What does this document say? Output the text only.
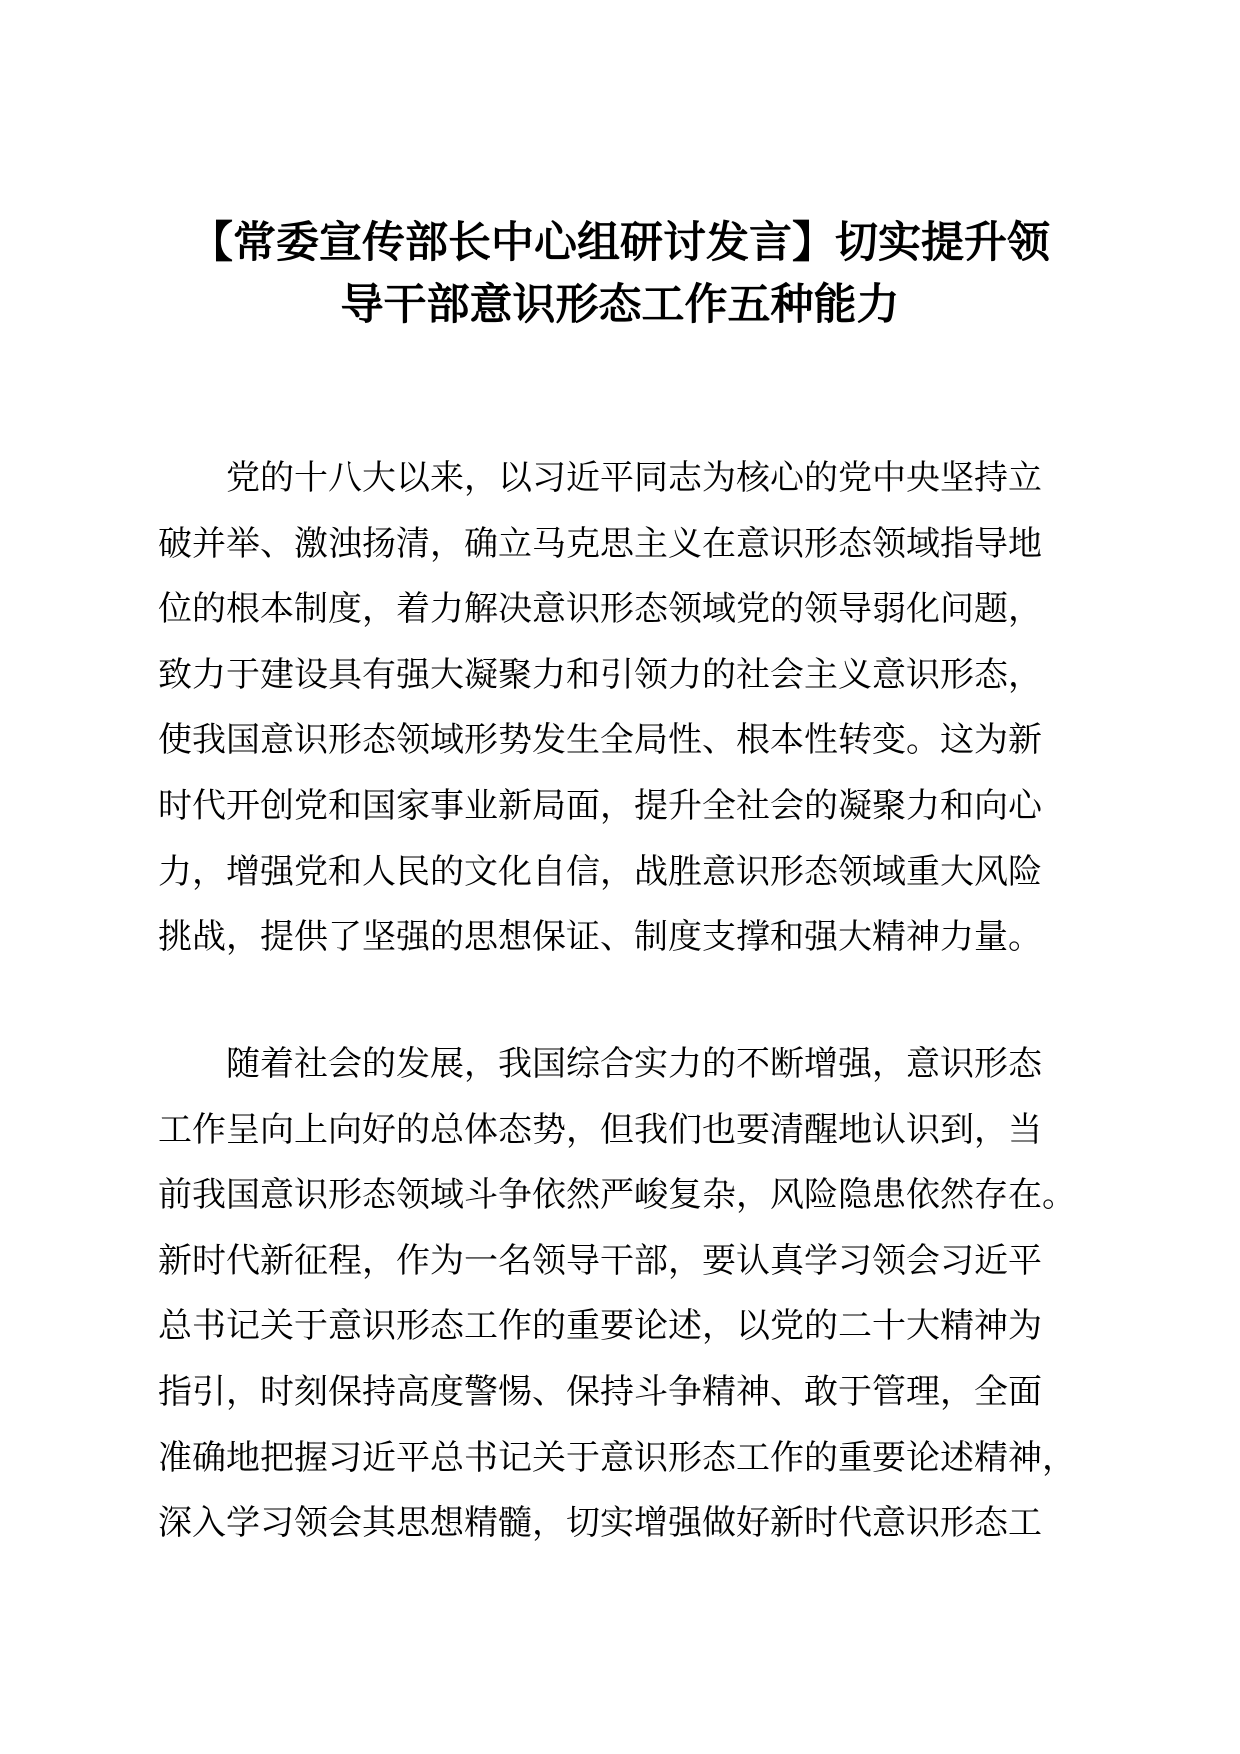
【常委宣传部长中心组研讨发言】切实提升领
导干部意识形态工作五种能力
党的十八大以来，以习近平同志为核心的党中央坚持立
破并举、激浊扬清，确立马克思主义在意识形态领域指导地
位的根本制度，着力解决意识形态领域党的领导弱化问题，
致力于建设具有强大凝聚力和引领力的社会主义意识形态，
使我国意识形态领域形势发生全局性、根本性转变。这为新
时代开创党和国家事业新局面，提升全社会的凝聚力和向心
力，增强党和人民的文化自信，战胜意识形态领域重大风险
挑战，提供了坚强的思想保证、制度支撑和强大精神力量。
随着社会的发展，我国综合实力的不断增强，意识形态
工作呈向上向好的总体态势，但我们也要清醒地认识到，当
前我国意识形态领域斗争依然严峻复杂，风险隐患依然存在。
新时代新征程，作为一名领导干部，要认真学习领会习近平
总书记关于意识形态工作的重要论述，以党的二十大精神为
指引，时刻保持高度警惕、保持斗争精神、敢于管理，全面
准确地把握习近平总书记关于意识形态工作的重要论述精神，
深入学习领会其思想精髓，切实增强做好新时代意识形态工
